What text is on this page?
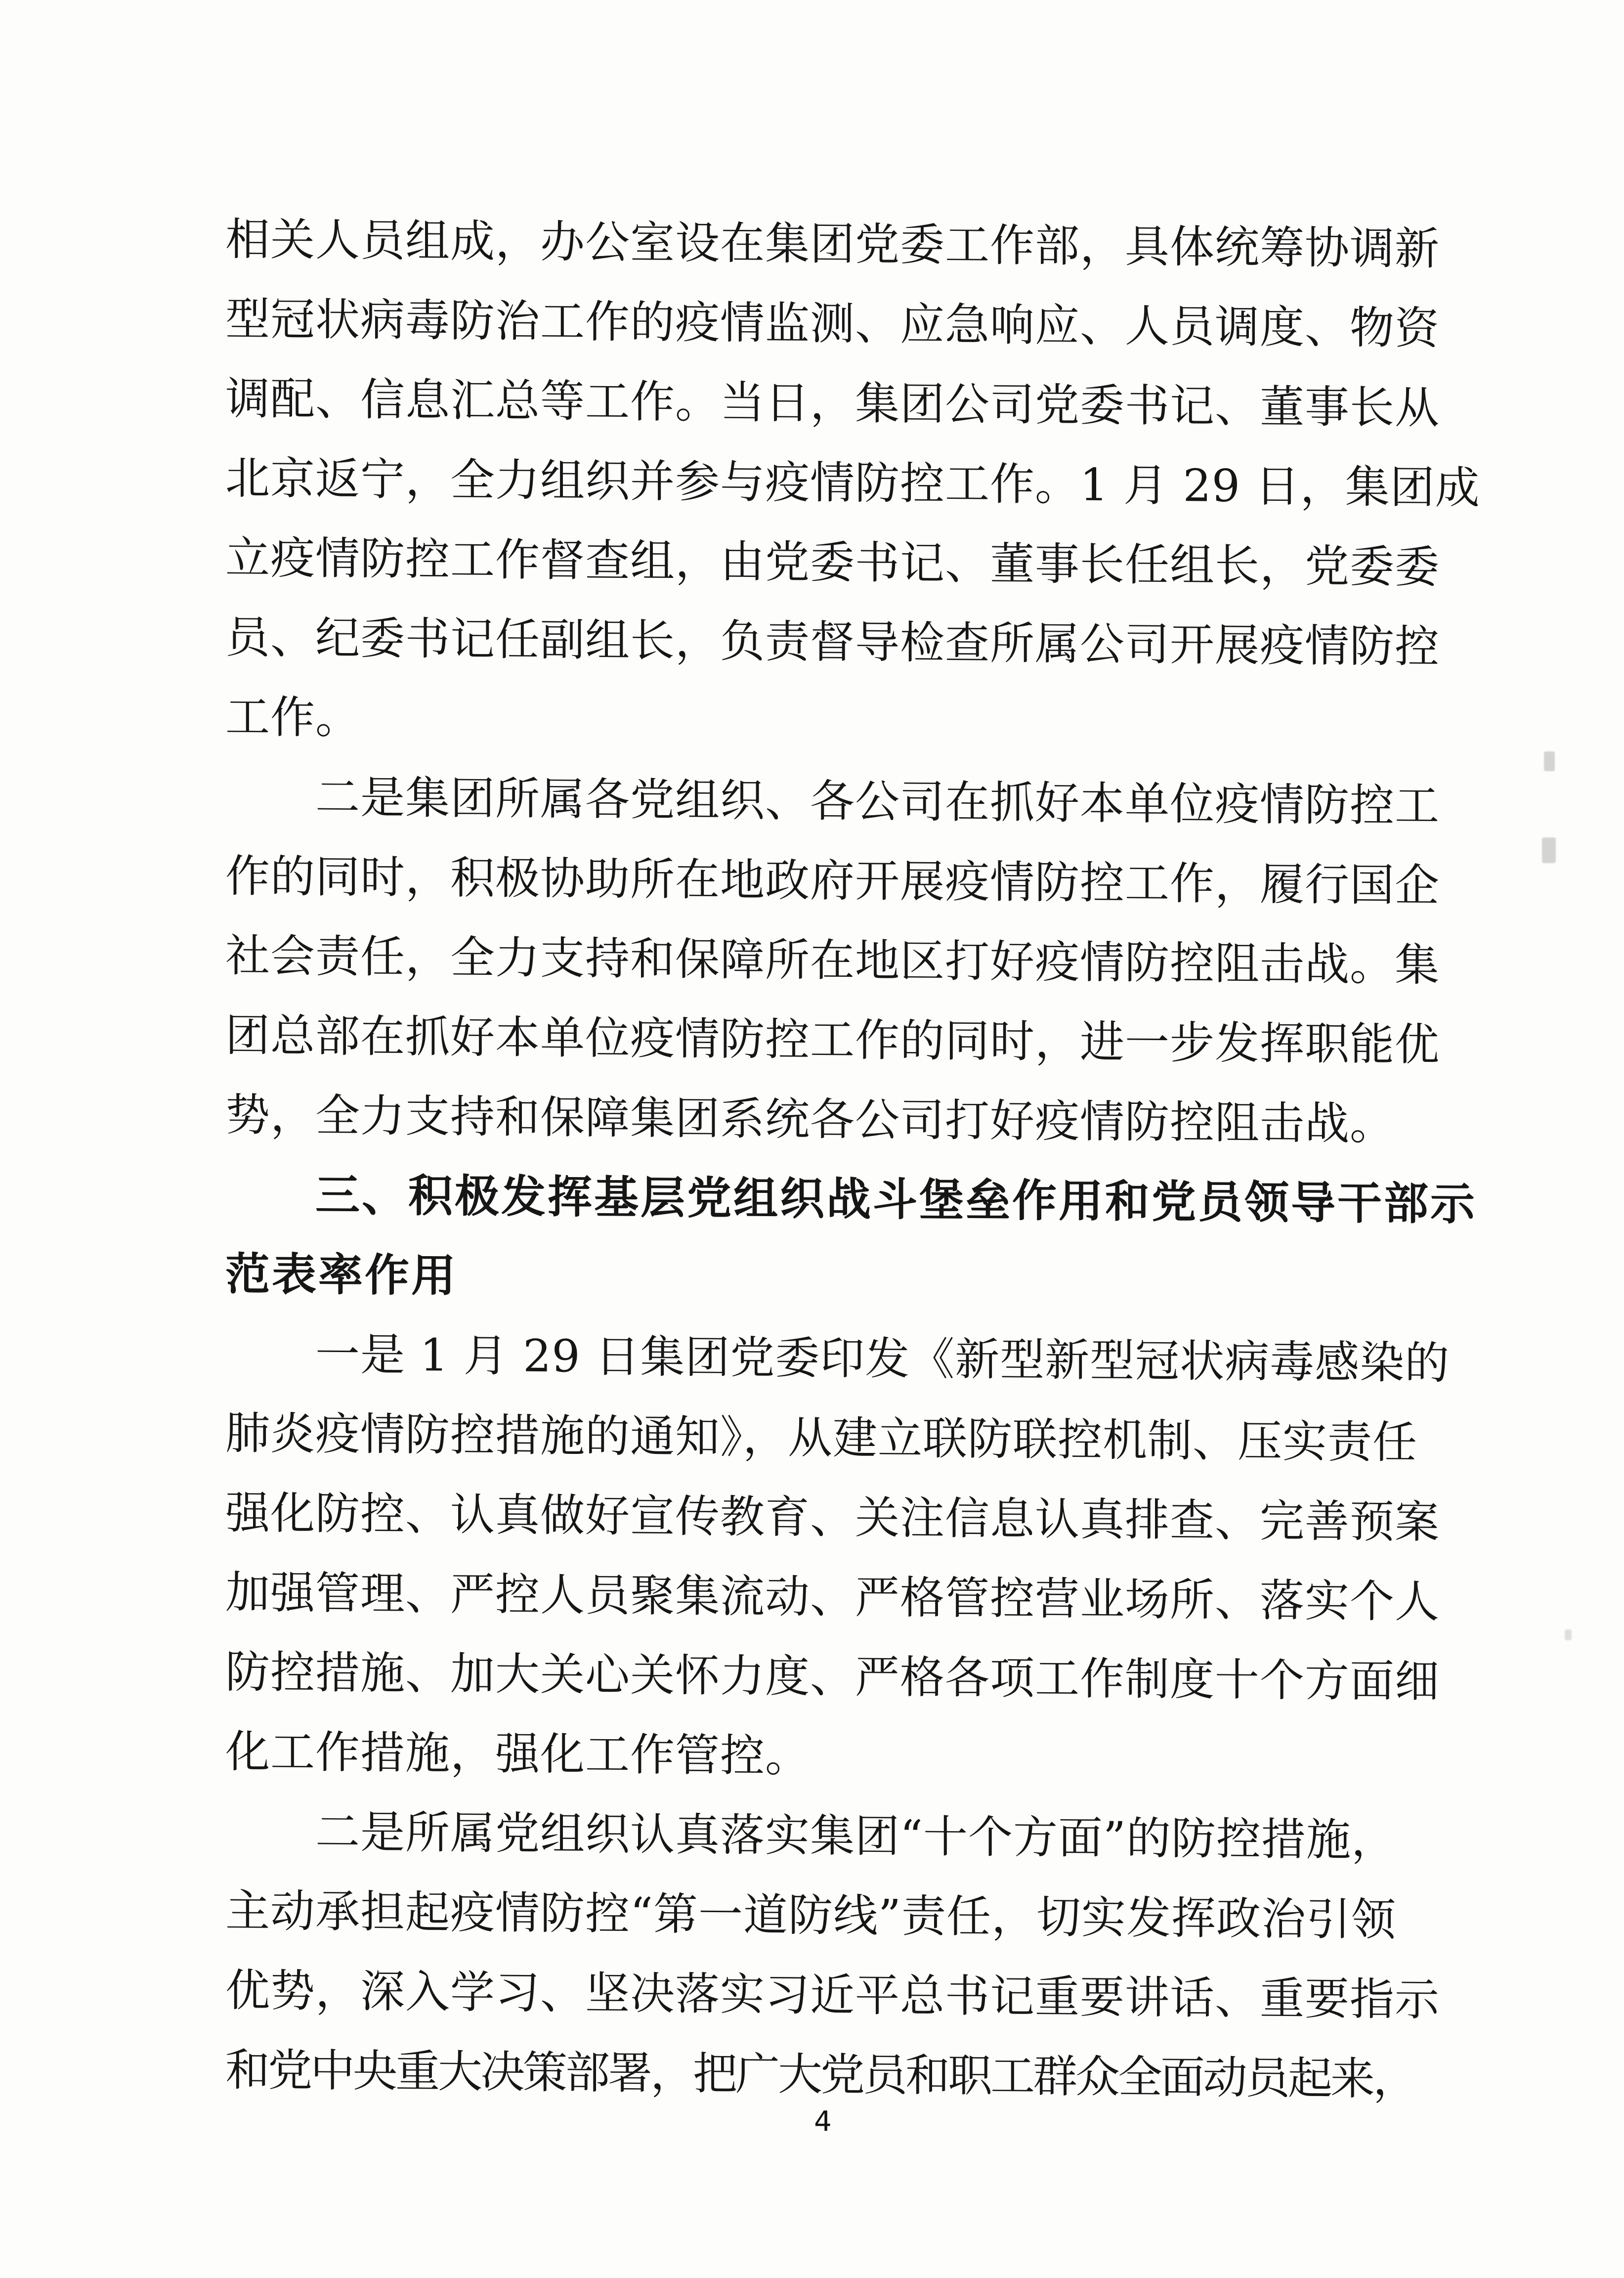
相关人员组成，办公室设在集团党委工作部，具体统筹协调新
型冠状病毒防治工作的疫情监测、应急响应、人员调度、物资
调配、信息汇总等工作。当日，集团公司党委书记、董事长从
北京返宁，全力组织并参与疫情防控工作。1 月 29 日，集团成
立疫情防控工作督查组，由党委书记、董事长任组长，党委委
员、纪委书记任副组长，负责督导检查所属公司开展疫情防控
工作。
二是集团所属各党组织、各公司在抓好本单位疫情防控工
作的同时，积极协助所在地政府开展疫情防控工作，履行国企
社会责任，全力支持和保障所在地区打好疫情防控阻击战。集
团总部在抓好本单位疫情防控工作的同时，进一步发挥职能优
势，全力支持和保障集团系统各公司打好疫情防控阻击战。
三、积极发挥基层党组织战斗堡垒作用和党员领导干部示
范表率作用
一是 1 月 29 日集团党委印发《新型新型冠状病毒感染的
肺炎疫情防控措施的通知》，从建立联防联控机制、压实责任
强化防控、认真做好宣传教育、关注信息认真排查、完善预案
加强管理、严控人员聚集流动、严格管控营业场所、落实个人
防控措施、加大关心关怀力度、严格各项工作制度十个方面细
化工作措施，强化工作管控。
二是所属党组织认真落实集团“十个方面”的防控措施，
主动承担起疫情防控“第一道防线”责任，切实发挥政治引领
优势，深入学习、坚决落实习近平总书记重要讲话、重要指示
和党中央重大决策部署，把广大党员和职工群众全面动员起来，
4
